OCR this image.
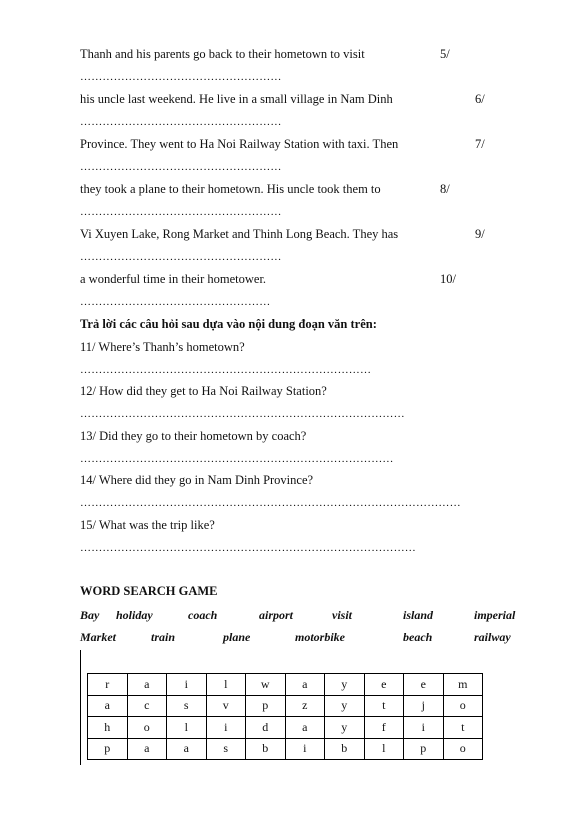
Thanh and his parents go back to their hometown to visit	5/
………………………………………………
his uncle last weekend. He live in a small village in Nam Dinh	6/
………………………………………………
Province. They went to Ha Noi Railway Station with taxi. Then	7/
………………………………………………
they took a plane to their hometown. His uncle took them to	8/
………………………………………………
Vi Xuyen Lake, Rong Market and Thinh Long Beach. They has	9/
………………………………………………
a wonderful time in their hometower.	10/
……………………………………………
Trả lời các câu hỏi sau dựa vào nội dung đoạn văn trên:
11/ Where’s Thanh’s hometown?
……………………………………………………………………
12/ How did they get to Ha Noi Railway Station?
……………………………………………………………………………
13/ Did they go to their hometown by coach?
…………………………………………………………………………
14/ Where did they go in Nam Dinh Province?
…………………………………………………………………………………………
15/ What was the trip like?
………………………………………………………………………………
WORD SEARCH GAME
Bay holiday	coach	airport	visit	island	imperial
Market	train	plane	motorbike	beach	railway
r	a	i	l	w	a	y	e	e	m
a	c	s	v	p	z	y	t	j	o
h	o	l	i	d	a	y	f	i	t
p	a	a	s	b	i	b	l	p	o
